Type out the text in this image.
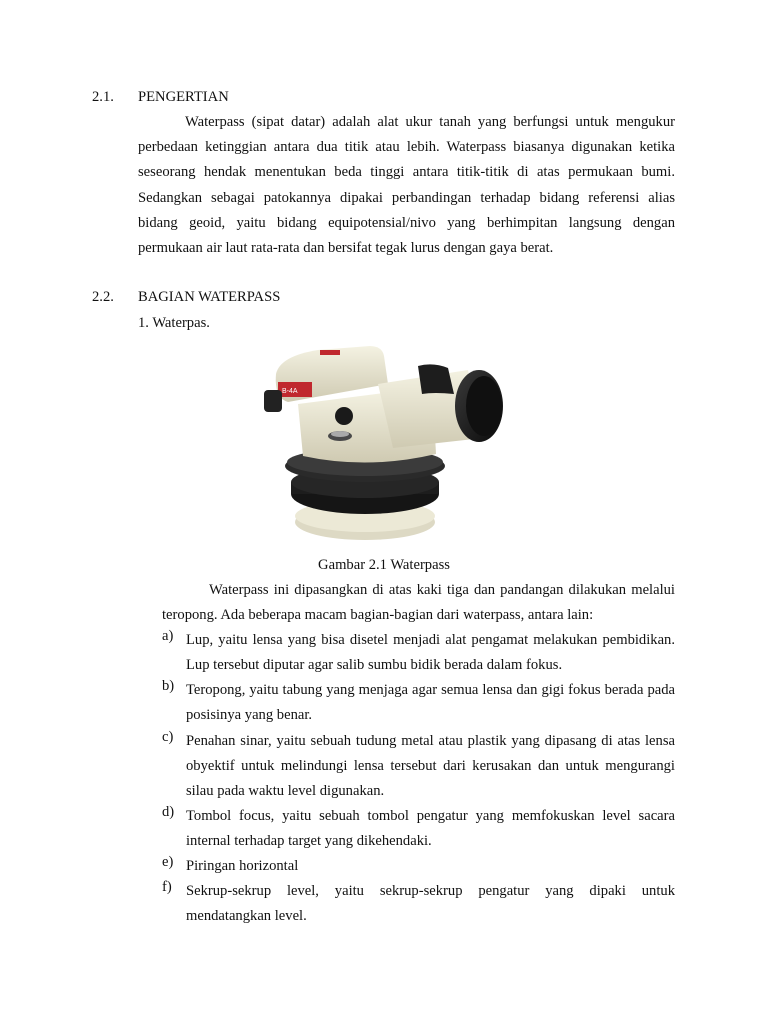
2.1. PENGERTIAN

Waterpass (sipat datar) adalah alat ukur tanah yang berfungsi untuk mengukur perbedaan ketinggian antara dua titik atau lebih. Waterpass biasanya digunakan ketika seseorang hendak menentukan beda tinggi antara titik-titik di atas permukaan bumi. Sedangkan sebagai patokannya dipakai perbandingan terhadap bidang referensi alias bidang geoid, yaitu bidang equipotensial/nivo yang berhimpitan langsung dengan permukaan air laut rata-rata dan bersifat tegak lurus dengan gaya berat.

2.2. BAGIAN WATERPASS
1. Waterpas.
B-4A
Gambar 2.1 Waterpass

Waterpass ini dipasangkan di atas kaki tiga dan pandangan dilakukan melalui teropong. Ada beberapa macam bagian-bagian dari waterpass, antara lain:

a) Lup, yaitu lensa yang bisa disetel menjadi alat pengamat melakukan pembidikan. Lup tersebut diputar agar salib sumbu bidik berada dalam fokus.
b) Teropong, yaitu tabung yang menjaga agar semua lensa dan gigi fokus berada pada posisinya yang benar.
c) Penahan sinar, yaitu sebuah tudung metal atau plastik yang dipasang di atas lensa obyektif untuk melindungi lensa tersebut dari kerusakan dan untuk mengurangi silau pada waktu level digunakan.
d) Tombol focus, yaitu sebuah tombol pengatur yang memfokuskan level sacara internal terhadap target yang dikehendaki.
e) Piringan horizontal
f) Sekrup-sekrup level, yaitu sekrup-sekrup pengatur yang dipaki untuk mendatangkan level.
